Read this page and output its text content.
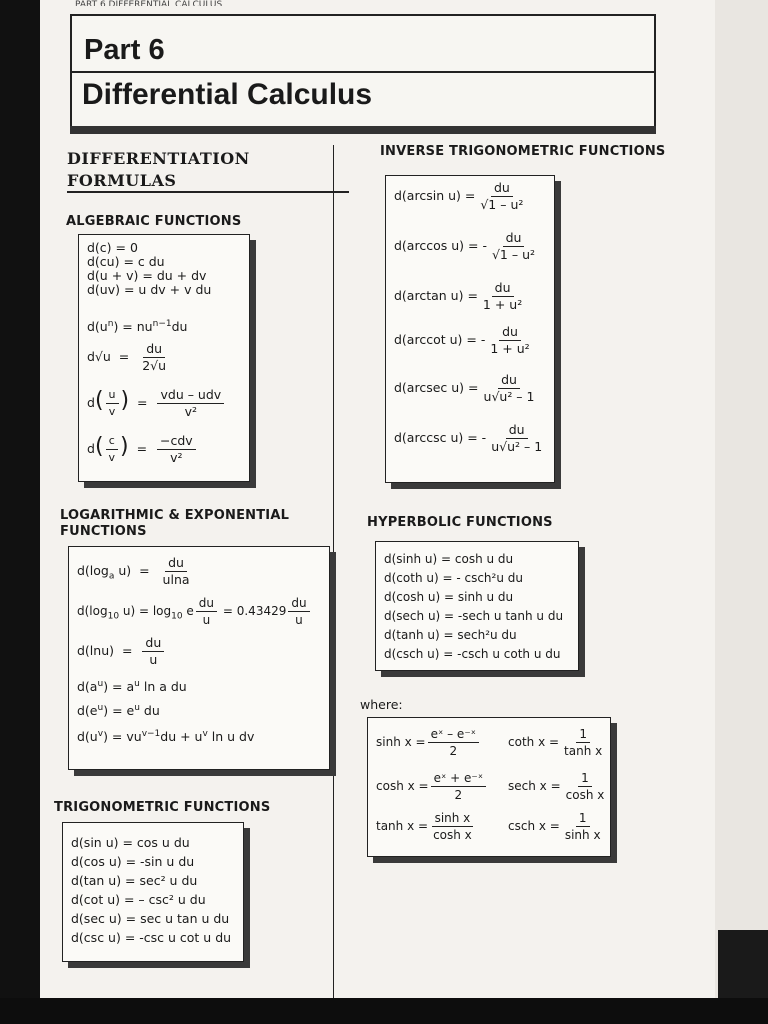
PART 6 DIFFERENTIAL CALCULUS
Part 6
Differential Calculus
DIFFERENTIATION
FORMULAS
ALGEBRAIC FUNCTIONS
d(c) = 0
d(cu) = c du
d(u + v) = du + dv
d(uv) = u dv + v du
$d(u^n) = nu^{n-1}du$
$d√u = \frac{du}{2√u}$
$d( \frac{u}{v}$ )  = $\frac{\text{vdu – udv}}{\text{v²}}$
$d( \frac{c}{v}$ )  = $\frac{\text{−cdv}}{\text{v²}}$
LOGARITHMIC & EXPONENTIAL
FUNCTIONS
$d(\log_a$ $u) = \frac{du}{ulna}$
$d(\log_{10}$ $u) = \log_{10} e \frac{du}{u} = 0.43429 \frac{du}{u}$
$d(\ln u) = \frac{du}{u}$
$d(a^u) = a^u$ ln a du
$d(e^u) = e^u$ du
$d(u^v) = vu^{v-1}du + u^v$ ln u dv
TRIGONOMETRIC FUNCTIONS
d(sin u) = cos u du
d(cos u) = -sin u du
d(tan u) = sec² u du
d(cot u) = – csc² u du
d(sec u) = sec u tan u du
d(csc u) = -csc u cot u du
INVERSE TRIGONOMETRIC FUNCTIONS
d(arcsin $u) = \frac{du}{\text{√1 – u²}}$
d(arccos u) = - $\frac{du}{\text{√1 – u²}}$
d(arctan $u) = \frac{du}{\text{1 + u²}}$
d(arccot u) = - $\frac{du}{\text{1 + u²}}$
d(arcsec $u) = \frac{du}{\text{u√u² – 1}}$
d(arccsc u) = - $\frac{du}{\text{u√u² – 1}}$
HYPERBOLIC FUNCTIONS
d(sinh u) = cosh u du
d(coth u) = - csch²u du
d(cosh u) = sinh u du
d(sech u) = -sech u tanh u du
d(tanh u) = sech²u du
d(csch u) = -csch u coth u du
where:
$\sinh x = \frac{\text{eˣ – e⁻ˣ}}{2}$
$\cosh x = \frac{\text{eˣ + e⁻ˣ}}{2}$
$\tanh x = \frac{\text{sinh x}}{\text{cosh x}}$
coth $x = \frac{1}{\text{tanh x}}$
sech $x = \frac{1}{\text{cosh x}}$
csch $x = \frac{1}{\text{sinh x}}$
